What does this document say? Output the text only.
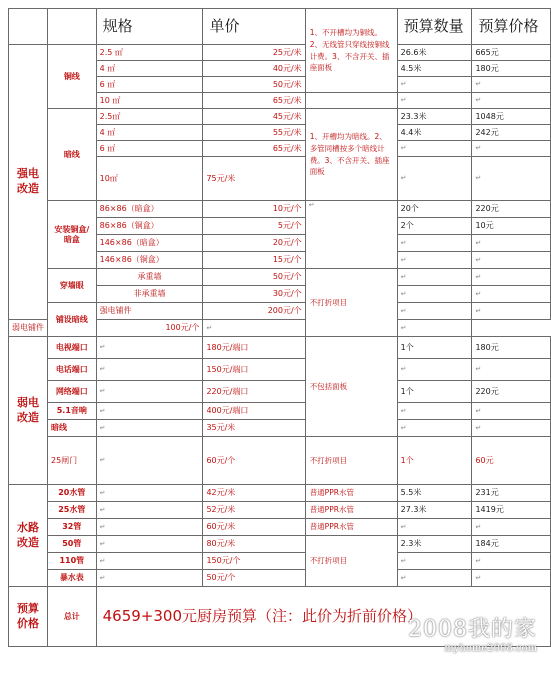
		规格	单价	1、不开槽均为铜线。2、无线管只穿线按铜线计费。3、不含开关、插座面板	预算数量	预算价格
强电改造	铜线	2.5 ㎡	25元/米		26.6米	665元
		4 ㎡	40元/米		4.5米	180元
		6 ㎡	50元/米		↵	↵
		10 ㎡	65元/米		↵	↵
	暗线	2.5㎡	45元/米	1、开槽均为暗线。2、多管同槽按多个暗线计费。3、不含开关、插座面板	23.3米	1048元
		4 ㎡	55元/米		4.4米	242元
		6 ㎡	65元/米		↵	↵
		10㎡	75元/米		↵	↵
	安装铜盒/暗盒	86×86（暗盒）	10元/个	↵	20个	220元
		86×86（铜盒）	5元/个		2个	10元
		146×86（暗盒）	20元/个		↵	↵
		146×86（铜盒）	15元/个		↵	↵
	穿墙眼	承重墙	50元/个	不打折项目	↵	↵
		非承重墙	30元/个		↵	↵
	铺设暗线	强电铺件	200元/个		↵	↵
弱电铺件		100元/个	↵		↵	
弱电改造	电视端口	↵	180元/端口	不包括面板	1个	180元
	电话端口	↵	150元/端口		↵	↵
	网络端口	↵	220元/端口		1个	220元
	5.1音响	↵	400元/端口		↵	↵
	暗线	↵	35元/米		↵	↵
	25闸门	↵	60元/个	不打折项目	1个	60元
水路改造	20水管	↵	42元/米	普通PPR水管	5.5米	231元
	25水管	↵	52元/米	普通PPR水管	27.3米	1419元
	32管	↵	60元/米	普通PPR水管	↵	↵
	50管	↵	80元/米	不打折项目	2.3米	184元
	110管	↵	150元/个		↵	↵
	暴水表	↵	50元/个		↵	↵
预算价格	总计	4659+300元厨房预算（注：此价为折前价格）				
2008我的家
myhome2008.com
